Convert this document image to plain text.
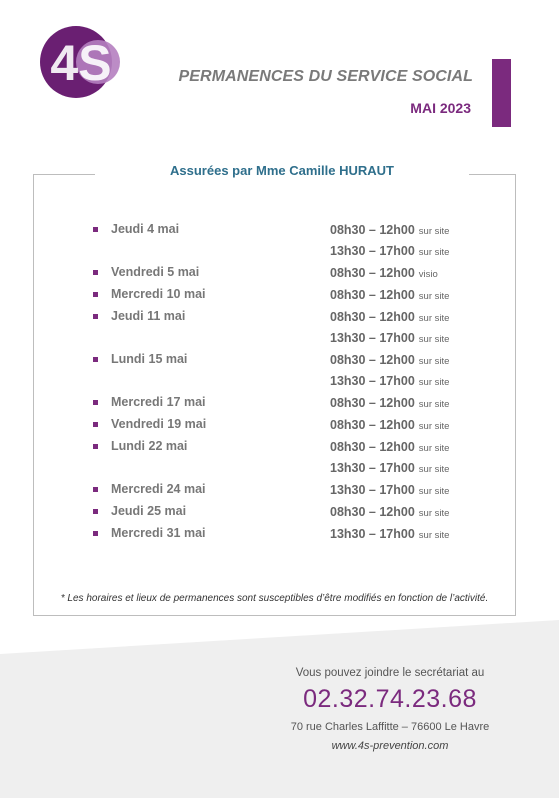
4S	PERMANENCES DU SERVICE SOCIAL
MAI 2023
Assurées par Mme Camille HURAUT
Jeudi 4 mai	08h30 – 12h00 sur site
13h30 – 17h00 sur site
Vendredi 5 mai	08h30 – 12h00 visio
Mercredi 10 mai	08h30 – 12h00 sur site
Jeudi 11 mai	08h30 – 12h00 sur site
13h30 – 17h00 sur site
Lundi 15 mai	08h30 – 12h00 sur site
13h30 – 17h00 sur site
Mercredi 17 mai	08h30 – 12h00 sur site
Vendredi 19 mai	08h30 – 12h00 sur site
Lundi 22 mai	08h30 – 12h00 sur site
13h30 – 17h00 sur site
Mercredi 24 mai	13h30 – 17h00 sur site
Jeudi 25 mai	08h30 – 12h00 sur site
Mercredi 31 mai	13h30 – 17h00 sur site
* Les horaires et lieux de permanences sont susceptibles d’être modifiés en fonction de l’activité.
Vous pouvez joindre le secrétariat au
02.32.74.23.68
70 rue Charles Laffitte – 76600 Le Havre
www.4s-prevention.com
